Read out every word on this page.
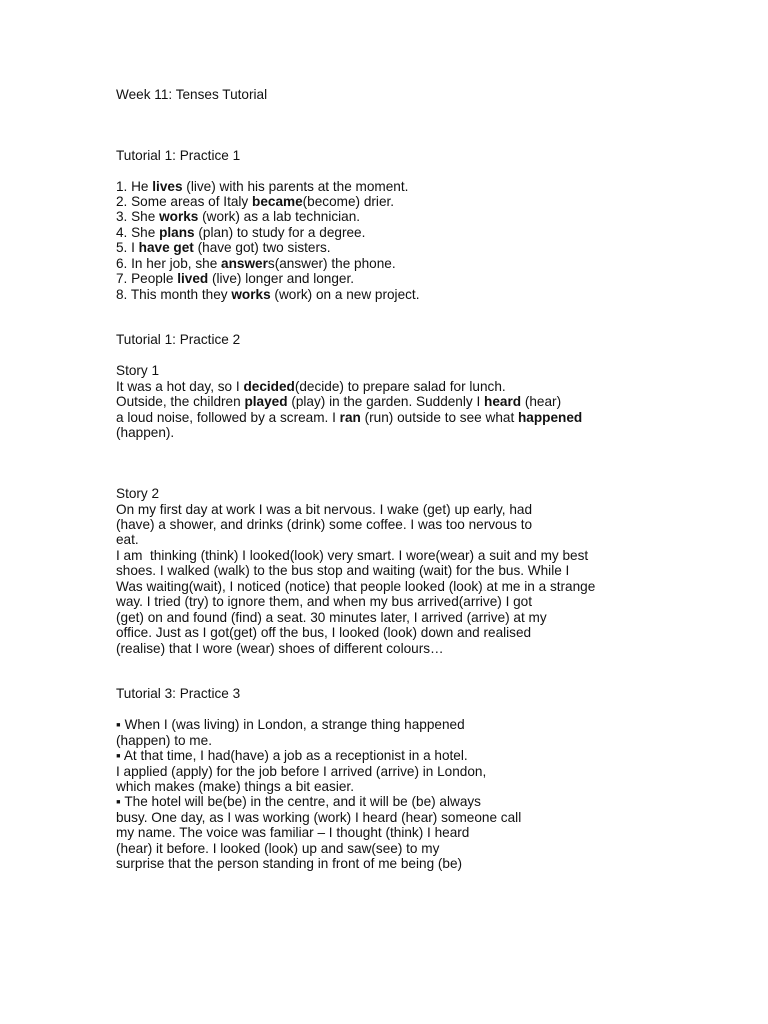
Week 11: Tenses Tutorial
Tutorial 1: Practice 1
1. He lives (live) with his parents at the moment.
2. Some areas of Italy became(become) drier.
3. She works (work) as a lab technician.
4. She plans (plan) to study for a degree.
5. I have get (have got) two sisters.
6. In her job, she answers(answer) the phone.
7. People lived (live) longer and longer.
8. This month they works (work) on a new project.
Tutorial 1: Practice 2
Story 1
It was a hot day, so I decided(decide) to prepare salad for lunch.
Outside, the children played (play) in the garden. Suddenly I heard (hear)
a loud noise, followed by a scream. I ran (run) outside to see what happened
(happen).
Story 2
On my first day at work I was a bit nervous. I wake (get) up early, had
(have) a shower, and drinks (drink) some coffee. I was too nervous to
eat.
I am  thinking (think) I looked(look) very smart. I wore(wear) a suit and my best
shoes. I walked (walk) to the bus stop and waiting (wait) for the bus. While I
Was waiting(wait), I noticed (notice) that people looked (look) at me in a strange
way. I tried (try) to ignore them, and when my bus arrived(arrive) I got
(get) on and found (find) a seat. 30 minutes later, I arrived (arrive) at my
office. Just as I got(get) off the bus, I looked (look) down and realised
(realise) that I wore (wear) shoes of different colours…
Tutorial 3: Practice 3
▪ When I (was living) in London, a strange thing happened
(happen) to me.
▪ At that time, I had(have) a job as a receptionist in a hotel.
I applied (apply) for the job before I arrived (arrive) in London,
which makes (make) things a bit easier.
▪ The hotel will be(be) in the centre, and it will be (be) always
busy. One day, as I was working (work) I heard (hear) someone call
my name. The voice was familiar – I thought (think) I heard
(hear) it before. I looked (look) up and saw(see) to my
surprise that the person standing in front of me being (be)
